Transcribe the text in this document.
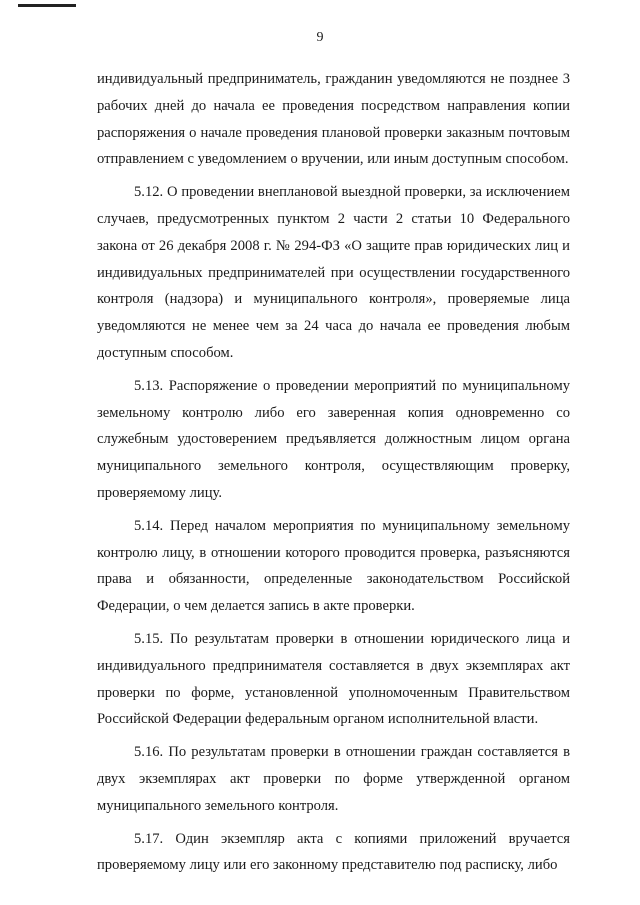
9

индивидуальный предприниматель, гражданин уведомляются не позднее 3 рабочих дней до начала ее проведения посредством направления копии распоряжения о начале проведения плановой проверки заказным почтовым отправлением с уведомлением о вручении, или иным доступным способом.

5.12. О проведении внеплановой выездной проверки, за исключением случаев, предусмотренных пунктом 2 части 2 статьи 10 Федерального закона от 26 декабря 2008 г. № 294-ФЗ «О защите прав юридических лиц и индивидуальных предпринимателей при осуществлении государственного контроля (надзора) и муниципального контроля», проверяемые лица уведомляются не менее чем за 24 часа до начала ее проведения любым доступным способом.

5.13. Распоряжение о проведении мероприятий по муниципальному земельному контролю либо его заверенная копия одновременно со служебным удостоверением предъявляется должностным лицом органа муниципального земельного контроля, осуществляющим проверку, проверяемому лицу.

5.14. Перед началом мероприятия по муниципальному земельному контролю лицу, в отношении которого проводится проверка, разъясняются права и обязанности, определенные законодательством Российской Федерации, о чем делается запись в акте проверки.

5.15. По результатам проверки в отношении юридического лица и индивидуального предпринимателя составляется в двух экземплярах акт проверки по форме, установленной уполномоченным Правительством Российской Федерации федеральным органом исполнительной власти.

5.16. По результатам проверки в отношении граждан составляется в двух экземплярах акт проверки по форме утвержденной органом муниципального земельного контроля.

5.17. Один экземпляр акта с копиями приложений вручается проверяемому лицу или его законному представителю под расписку, либо
